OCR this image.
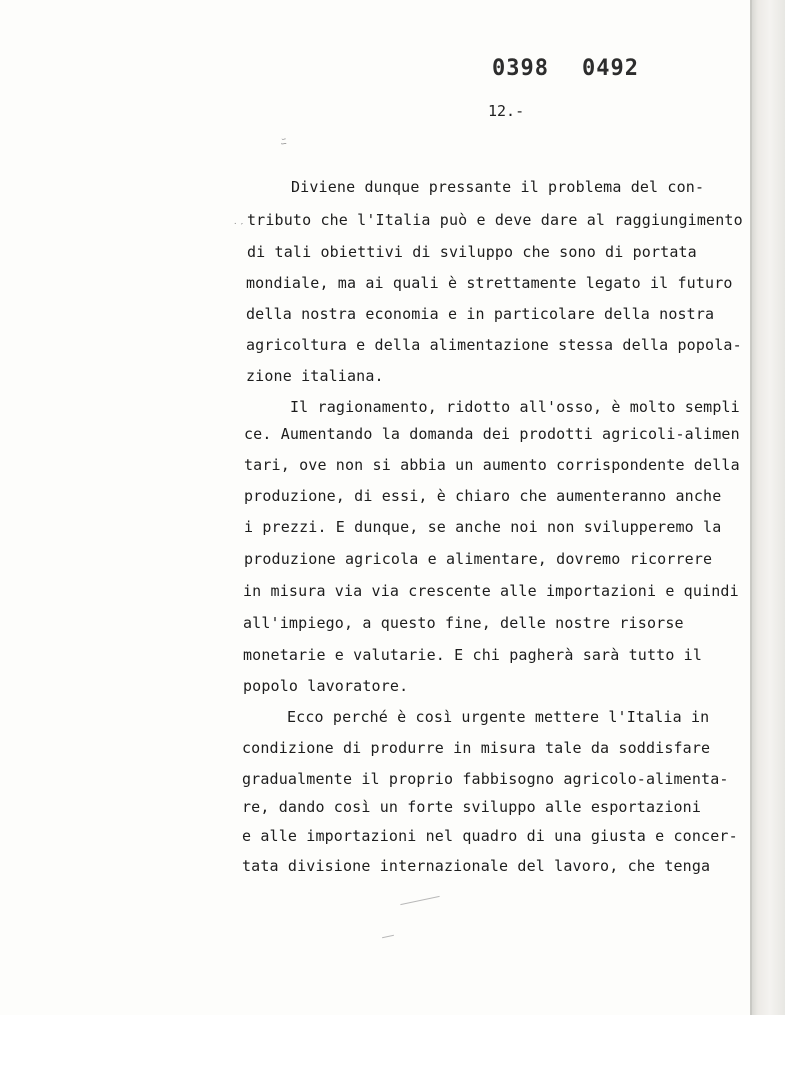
0398 0492
12.-
ﾆ
˙ˊ
Diviene dunque pressante il problema del con-
tributo che l'Italia può e deve dare al raggiungimento
di tali obiettivi di sviluppo che sono di portata
mondiale, ma ai quali è strettamente legato il futuro
della nostra economia e in particolare della nostra
agricoltura e della alimentazione stessa della popola-
zione italiana.
Il ragionamento, ridotto all'osso, è molto sempli
ce. Aumentando la domanda dei prodotti agricoli-alimen
tari, ove non si abbia un aumento corrispondente della
produzione, di essi, è chiaro che aumenteranno anche
i prezzi. E dunque, se anche noi non svilupperemo la
produzione agricola e alimentare, dovremo ricorrere
in misura via via crescente alle importazioni e quindi
all'impiego, a questo fine, delle nostre risorse
monetarie e valutarie. E chi pagherà sarà tutto il
popolo lavoratore.
Ecco perché è così urgente mettere l'Italia in
condizione di produrre in misura tale da soddisfare
gradualmente il proprio fabbisogno agricolo-alimenta-
re, dando così un forte sviluppo alle esportazioni
e alle importazioni nel quadro di una giusta e concer-
tata divisione internazionale del lavoro, che tenga
